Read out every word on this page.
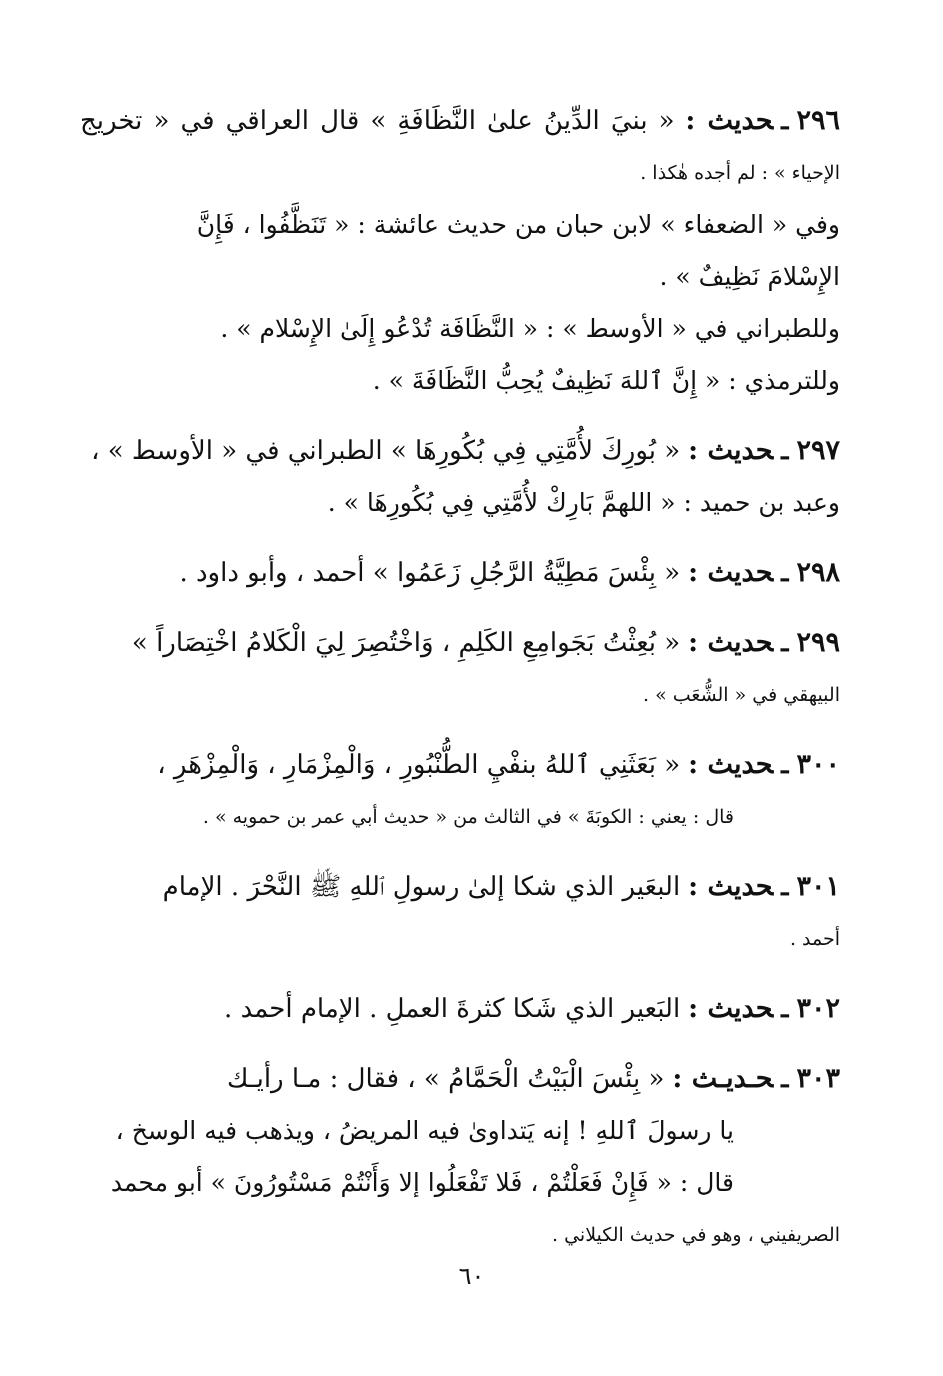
٢٩٦ـحديث : « بنيَ الدِّينُ علىٰ النَّظَافَةِ » قال العراقي في « تخريج
الإحياء » : لم أجده هٰكذا .
وفي « الضعفاء » لابن حبان من حديث عائشة : « تَنَظَّفُوا ، فَإِنَّ
الإِسْلامَ نَظِيفٌ » .
وللطبراني في « الأوسط » : « النَّظَافَة تُدْعُو إِلَىٰ الإِسْلام » .
وللترمذي : « إِنَّ ٱللهَ نَظِيفٌ يُحِبُّ النَّظَافَةَ » .
٢٩٧ـحديث : « بُورِكَ لأُمَّتِي فِي بُكُورِهَا » الطبراني في « الأوسط » ،
وعبد بن حميد : « اللهمَّ بَارِكْ لأُمَّتِي فِي بُكُورِهَا » .
٢٩٨ـحديث : « بِئْسَ مَطِيَّةُ الرَّجُلِ زَعَمُوا » أحمد ، وأبو داود .
٢٩٩ـحديث : « بُعِثْتُ بَجَوامِعِ الكَلِمِ ، وَاخْتُصِرَ لِيَ الْكَلامُ اخْتِصَاراً »
البيهقي في « الشُّعَب » .
٣٠٠ـحديث : « بَعَثَنِي ٱللهُ بنفْيِ الطُّنْبُورِ ، وَالْمِزْمَارِ ، وَالْمِزْهَرِ ،
قال : يعني : الكوبَةَ » في الثالث من « حديث أبي عمر بن حمويه » .
٣٠١ـحديث : البعَير الذي شكا إلىٰ رسولِ ٱللهِ ﷺ النَّحْرَ . الإمام
أحمد .
٣٠٢ـحديث : البَعير الذي شَكا كثرةَ العملِ . الإمام أحمد .
٣٠٣ـحـديـث : « بِئْسَ الْبَيْتُ الْحَمَّامُ » ، فقال : مـا رأيـك
يا رسولَ ٱللهِ ! إنه يَتداوىٰ فيه المريضُ ، ويذهب فيه الوسخ ،
قال : « فَإِنْ فَعَلْتُمْ ، فَلا تَفْعَلُوا إلا وَأَنْتُمْ مَسْتُورُونَ » أبو محمد
الصريفيني ، وهو في حديث الكيلاني .
٦٠
